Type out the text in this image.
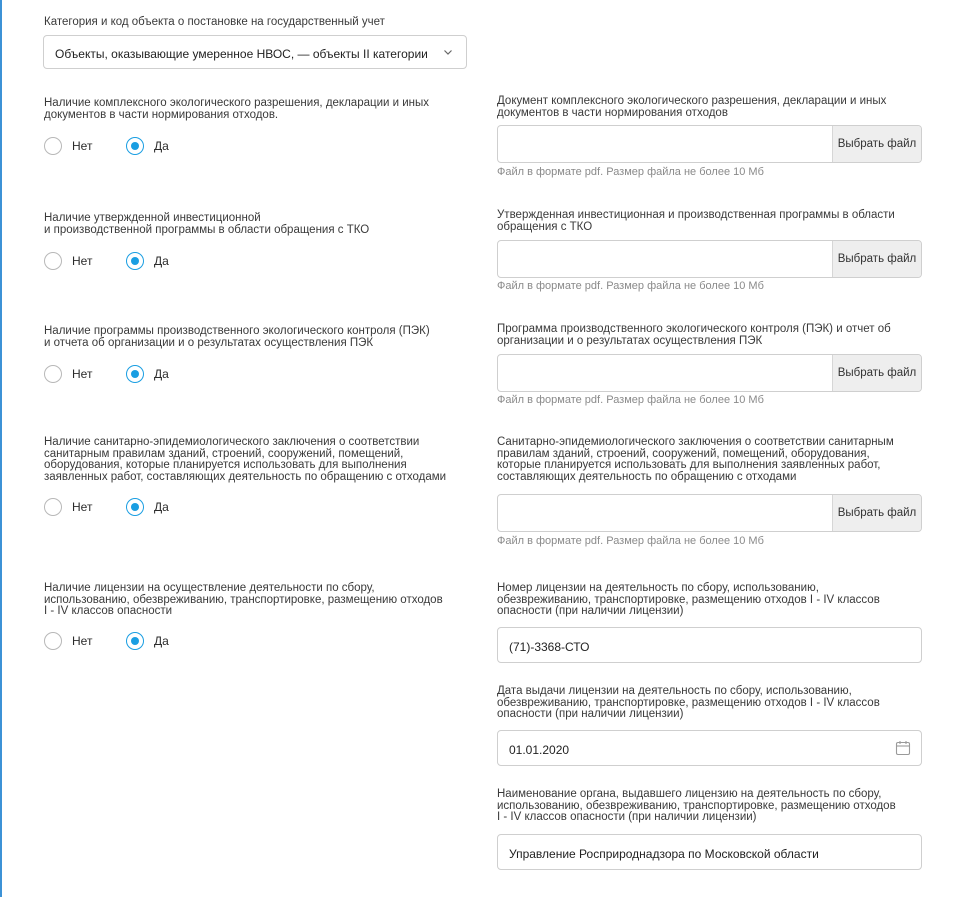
Категория и код объекта о постановке на государственный учет
Объекты, оказывающие умеренное НВОС, — объекты II категории
Наличие комплексного экологического разрешения, декларации и иных
документов в части нормирования отходов.
Нет	Да
Документ комплексного экологического разрешения, декларации и иных
документов в части нормирования отходов
Выбрать файл
Файл в формате pdf. Размер файла не более 10 Мб
Наличие утвержденной инвестиционной
и производственной программы в области обращения с ТКО
Нет	Да
Утвержденная инвестиционная и производственная программы в области
обращения с ТКО
Выбрать файл
Файл в формате pdf. Размер файла не более 10 Мб
Наличие программы производственного экологического контроля (ПЭК)
и отчета об организации и о результатах осуществления ПЭК
Нет	Да
Программа производственного экологического контроля (ПЭК) и отчет об
организации и о результатах осуществления ПЭК
Выбрать файл
Файл в формате pdf. Размер файла не более 10 Мб
Наличие санитарно-эпидемиологического заключения о соответствии
санитарным правилам зданий, строений, сооружений, помещений,
оборудования, которые планируется использовать для выполнения
заявленных работ, составляющих деятельность по обращению с отходами
Нет	Да
Санитарно-эпидемиологического заключения о соответствии санитарным
правилам зданий, строений, сооружений, помещений, оборудования,
которые планируется использовать для выполнения заявленных работ,
составляющих деятельность по обращению с отходами
Выбрать файл
Файл в формате pdf. Размер файла не более 10 Мб
Наличие лицензии на осуществление деятельности по сбору,
использованию, обезвреживанию, транспортировке, размещению отходов
I - IV классов опасности
Нет	Да
Номер лицензии на деятельность по сбору, использованию,
обезвреживанию, транспортировке, размещению отходов I - IV классов
опасности (при наличии лицензии)
(71)-3368-СТО
Дата выдачи лицензии на деятельность по сбору, использованию,
обезвреживанию, транспортировке, размещению отходов I - IV классов
опасности (при наличии лицензии)
01.01.2020
Наименование органа, выдавшего лицензию на деятельность по сбору,
использованию, обезвреживанию, транспортировке, размещению отходов
I - IV классов опасности (при наличии лицензии)
Управление Росприроднадзора по Московской области
